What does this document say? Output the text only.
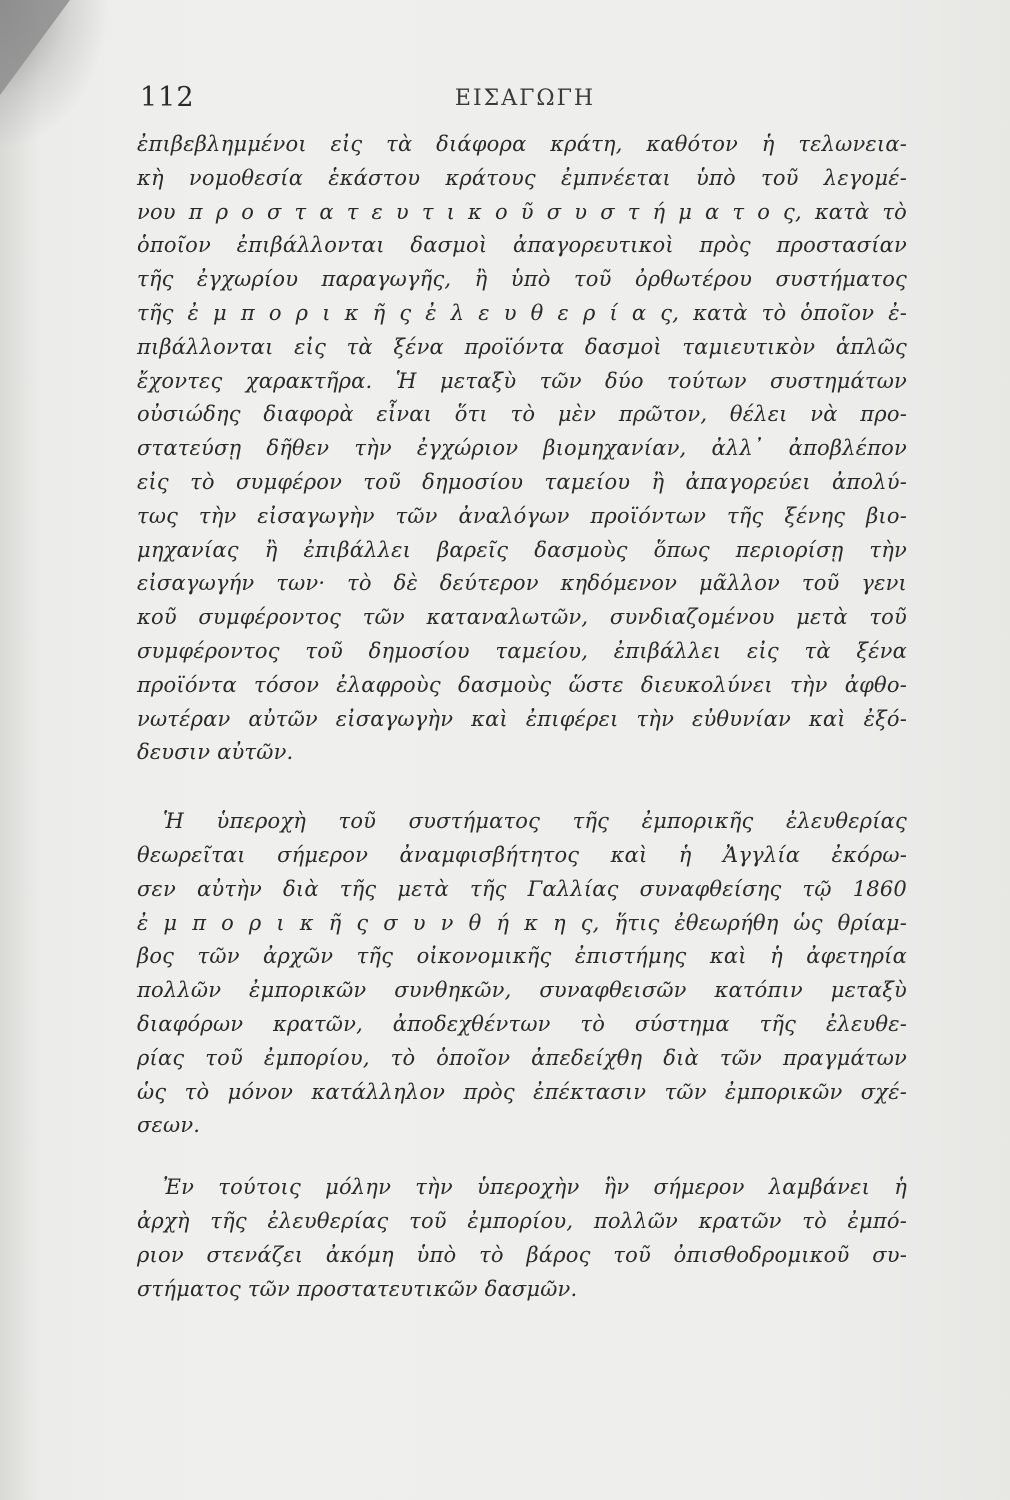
112	ΕΙΣΑΓΩΓΗ
ἐπιβεβλημμένοι εἰς τὰ διάφορα κράτη, καθότον ἡ τελωνεια-
κὴ νομοθεσία ἑκάστου κράτους ἐμπνέεται ὑπὸ τοῦ λεγομέ-
νου π ρ ο σ τ α τ ε υ τ ι κ ο ῦ σ υ σ τ ή μ α τ ο ς, κατὰ τὸ
ὁποῖον ἐπιβάλλονται δασμοὶ ἀπαγορευτικοὶ πρὸς προστασίαν
τῆς ἐγχωρίου παραγωγῆς, ἢ ὑπὸ τοῦ ὀρθωτέρου συστήματος
τῆς ἐ μ π ο ρ ι κ ῆ ς ἐ λ ε υ θ ε ρ ί α ς, κατὰ τὸ ὁποῖον ἐ-
πιβάλλονται εἰς τὰ ξένα προϊόντα δασμοὶ ταμιευτικὸν ἁπλῶς
ἔχοντες χαρακτῆρα. Ἡ μεταξὺ τῶν δύο τούτων συστημάτων
οὐσιώδης διαφορὰ εἶναι ὅτι τὸ μὲν πρῶτον, θέλει νὰ προ-
στατεύσῃ δῆθεν τὴν ἐγχώριον βιομηχανίαν, ἀλλ᾽ ἀποβλέπον
εἰς τὸ συμφέρον τοῦ δημοσίου ταμείου ἢ ἀπαγορεύει ἀπολύ-
τως τὴν εἰσαγωγὴν τῶν ἀναλόγων προϊόντων τῆς ξένης βιο-
μηχανίας ἢ ἐπιβάλλει βαρεῖς δασμοὺς ὅπως περιορίσῃ τὴν
εἰσαγωγήν των· τὸ δὲ δεύτερον κηδόμενον μᾶλλον τοῦ γενι
κοῦ συμφέροντος τῶν καταναλωτῶν, συνδιαζομένου μετὰ τοῦ
συμφέροντος τοῦ δημοσίου ταμείου, ἐπιβάλλει εἰς τὰ ξένα
προϊόντα τόσον ἐλαφροὺς δασμοὺς ὥστε διευκολύνει τὴν ἀφθο-
νωτέραν αὐτῶν εἰσαγωγὴν καὶ ἐπιφέρει τὴν εὐθυνίαν καὶ ἐξό-
δευσιν αὐτῶν.
Ἡ ὑπεροχὴ τοῦ συστήματος τῆς ἐμπορικῆς ἐλευθερίας
θεωρεῖται σήμερον ἀναμφισβήτητος καὶ ἡ Ἀγγλία ἐκόρω-
σεν αὐτὴν διὰ τῆς μετὰ τῆς Γαλλίας συναφθείσης τῷ 1860
ἐ μ π ο ρ ι κ ῆ ς σ υ ν θ ή κ η ς, ἥτις ἐθεωρήθη ὡς θρίαμ-
βος τῶν ἀρχῶν τῆς οἰκονομικῆς ἐπιστήμης καὶ ἡ ἀφετηρία
πολλῶν ἐμπορικῶν συνθηκῶν, συναφθεισῶν κατόπιν μεταξὺ
διαφόρων κρατῶν, ἀποδεχθέντων τὸ σύστημα τῆς ἐλευθε-
ρίας τοῦ ἐμπορίου, τὸ ὁποῖον ἀπεδείχθη διὰ τῶν πραγμάτων
ὡς τὸ μόνον κατάλληλον πρὸς ἐπέκτασιν τῶν ἐμπορικῶν σχέ-
σεων.
Ἐν τούτοις μόλην τὴν ὑπεροχὴν ἣν σήμερον λαμβάνει ἡ
ἀρχὴ τῆς ἐλευθερίας τοῦ ἐμπορίου, πολλῶν κρατῶν τὸ ἐμπό-
ριον στενάζει ἀκόμη ὑπὸ τὸ βάρος τοῦ ὀπισθοδρομικοῦ συ-
στήματος τῶν προστατευτικῶν δασμῶν.
